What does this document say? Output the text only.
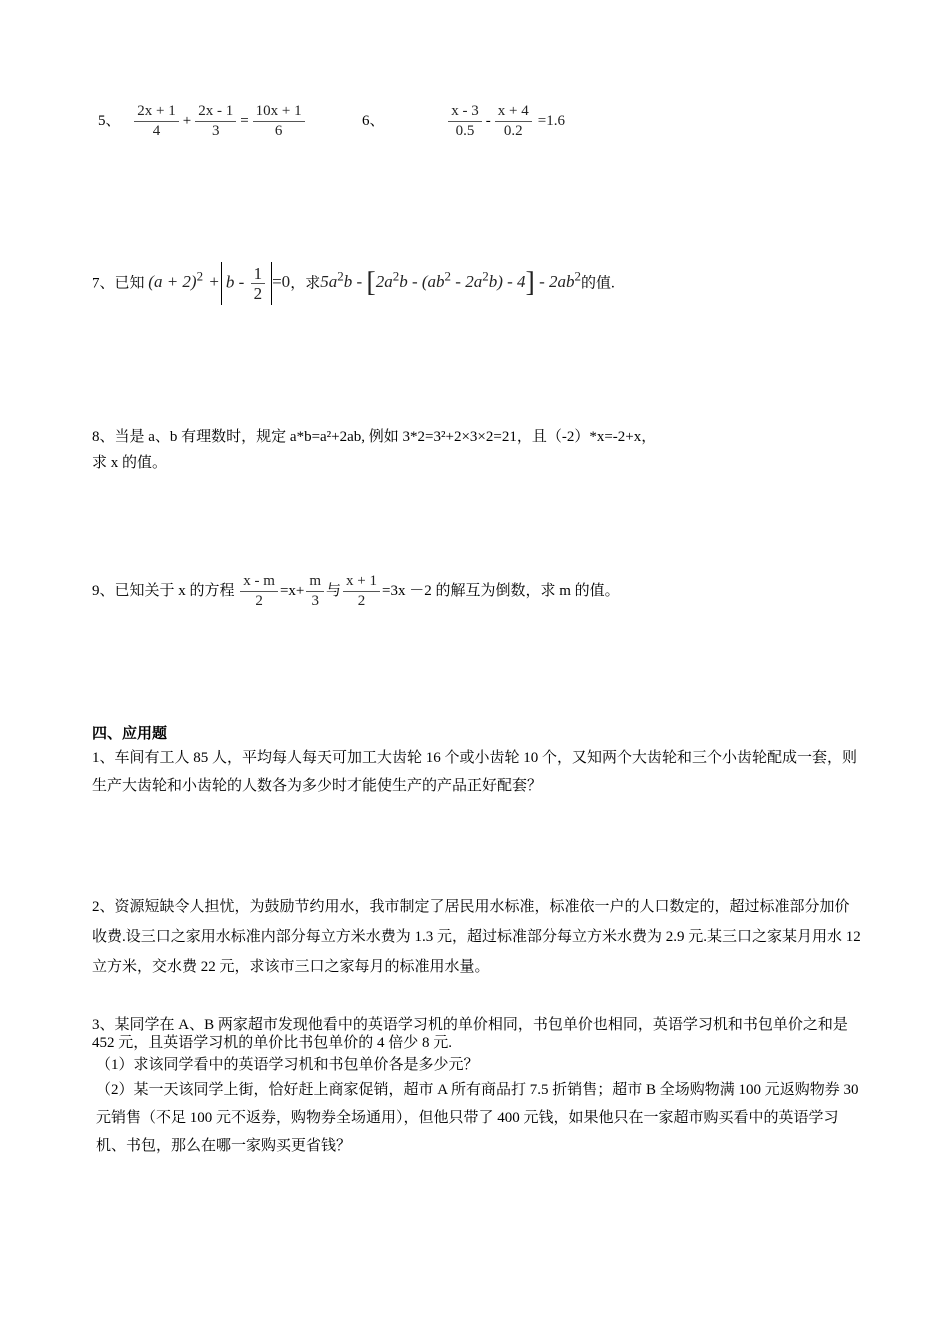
5、 $\frac{2x + 1}{4} + \frac{2x - 1}{3} = \frac{10x + 1}{6}$	6、	$\frac{x - 3}{0.5} - \frac{x + 4}{0.2} =1.6$
7、已知 $(a + 2)^2 + b - \frac{1}{2} =0$，求$5a^2b - [2a^2b - (ab^2 - 2a^2b) - 4] - 2ab^2$的值.
8、当是 a、b 有理数时，规定 a*b=a²+2ab, 例如 3*2=3²+2×3×2=21，且（-2）*x=-2+x，
求 x 的值。
9、已知关于 x 的方程 $\frac{x - m}{2} =x+ \frac{m}{3}$ 与 $\frac{x + 1}{2} =3x -2$ 的解互为倒数，求 m 的值。
四、应用题
1、车间有工人 85 人，平均每人每天可加工大齿轮 16 个或小齿轮 10 个，又知两个大齿轮和三个小齿轮配成一套，则生产大齿轮和小齿轮的人数各为多少时才能使生产的产品正好配套？
2、资源短缺令人担忧，为鼓励节约用水，我市制定了居民用水标准，标准依一户的人口数定的，超过标准部分加价收费.设三口之家用水标准内部分每立方米水费为 1.3 元，超过标准部分每立方米水费为 2.9 元.某三口之家某月用水 12 立方米，交水费 22 元，求该市三口之家每月的标准用水量。
3、某同学在 A、B 两家超市发现他看中的英语学习机的单价相同，书包单价也相同，英语学习机和书包单价之和是 452 元，且英语学习机的单价比书包单价的 4 倍少 8 元.
（1）求该同学看中的英语学习机和书包单价各是多少元？
（2）某一天该同学上街，恰好赶上商家促销，超市 A 所有商品打 7.5 折销售；超市 B 全场购物满 100 元返购物券 30 元销售（不足 100 元不返券，购物券全场通用），但他只带了 400 元钱，如果他只在一家超市购买看中的英语学习机、书包，那么在哪一家购买更省钱？
